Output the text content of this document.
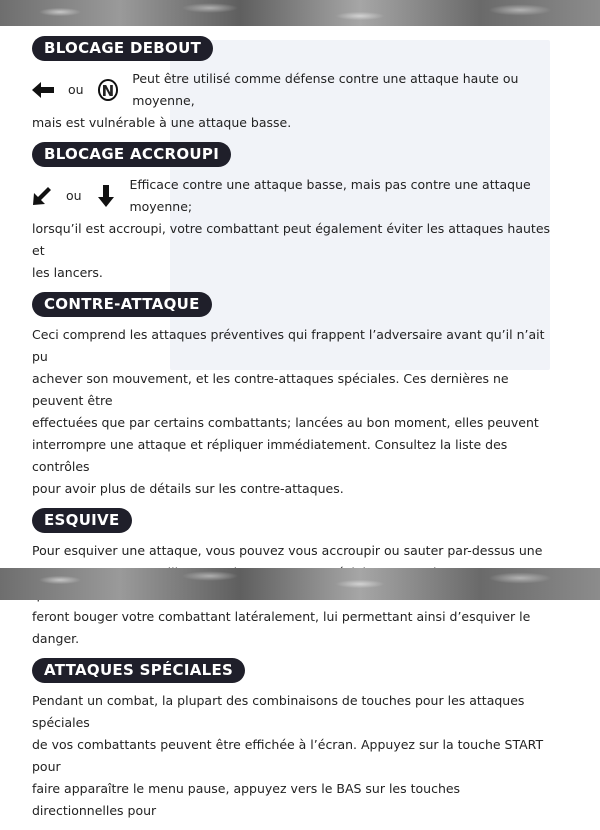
BLOCAGE DEBOUT
ou N
Peut être utilisé comme défense contre une attaque haute ou moyenne,

mais est vulnérable à une attaque basse.

BLOCAGE ACCROUPI
ou
Efficace contre une attaque basse, mais pas contre une attaque moyenne;

lorsqu’il est accroupi, votre combattant peut également éviter les attaques hautes et

les lancers.

CONTRE-ATTAQUE

Ceci comprend les attaques préventives qui frappent l’adversaire avant qu’il n’ait pu

achever son mouvement, et les contre-attaques spéciales. Ces dernières ne peuvent être

effectuées que par certains combattants; lancées au bon moment, elles peuvent

interrompre une attaque et répliquer immédiatement. Consultez la liste des contrôles

pour avoir plus de détails sur les contre-attaques.

ESQUIVE

Pour esquiver une attaque, vous pouvez vous accroupir ou sauter par-dessus une

feront bouger votre combattant latéralement, lui permettant ainsi d’esquiver le danger.

ATTAQUES SPÉCIALES

Pendant un combat, la plupart des combinaisons de touches pour les attaques spéciales

de vos combattants peuvent être effichée à l’écran. Appuyez sur la touche START pour

faire apparaître le menu pause, appuyez vers le BAS sur les touches directionnelles pour
